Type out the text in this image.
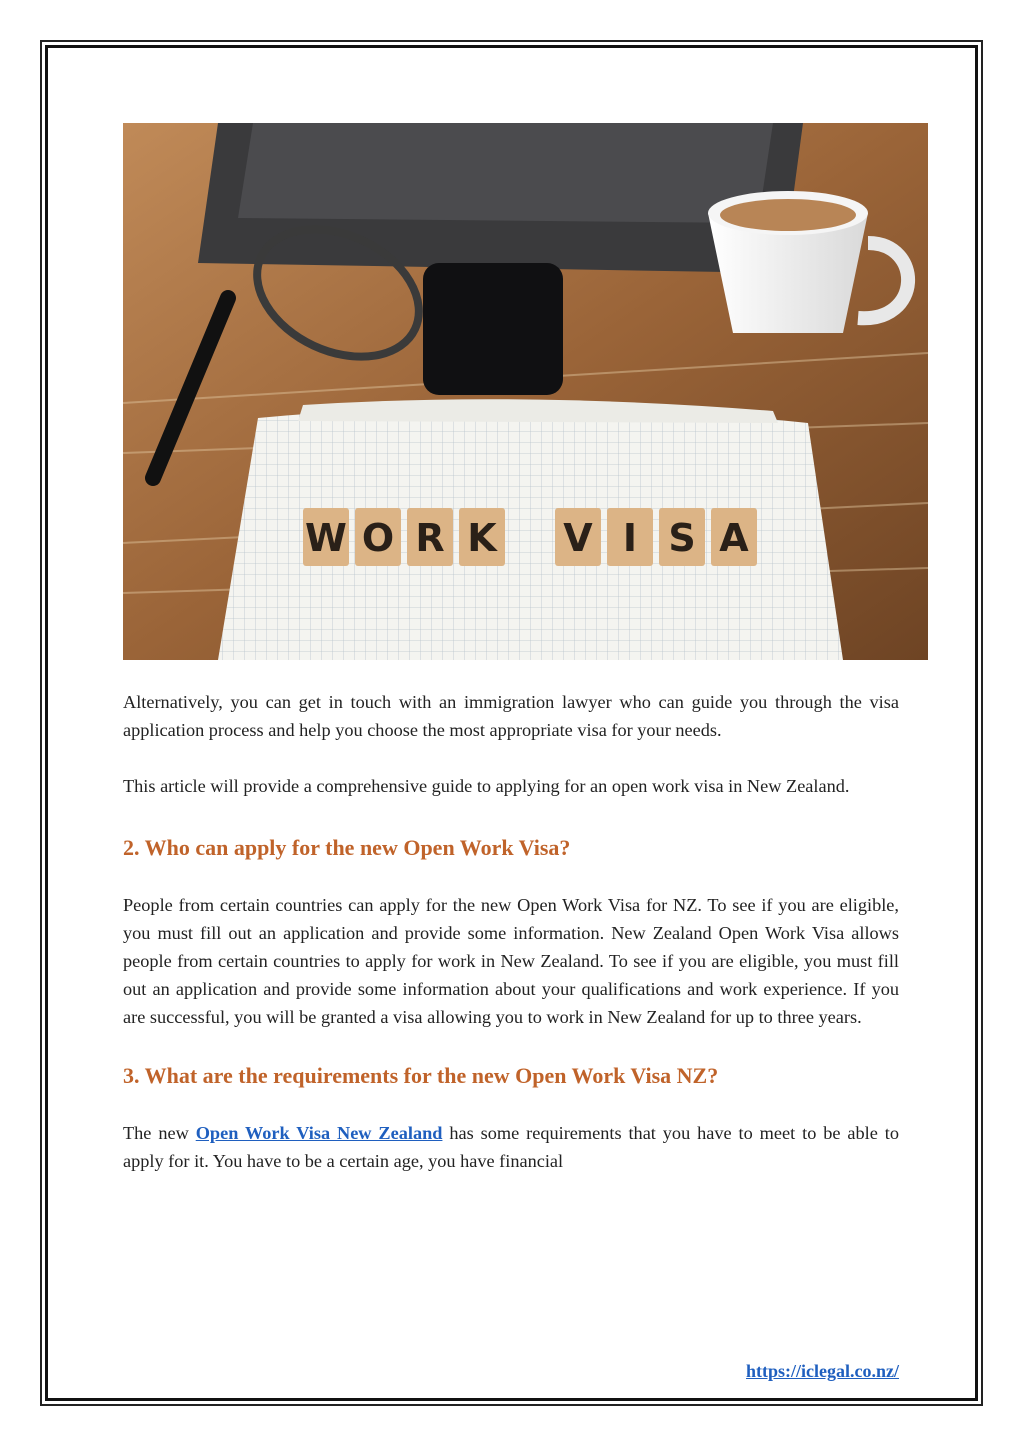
W O R K V I S A

Alternatively, you can get in touch with an immigration lawyer who can guide you through the visa application process and help you choose the most appropriate visa for your needs.

This article will provide a comprehensive guide to applying for an open work visa in New Zealand.

2. Who can apply for the new Open Work Visa?

People from certain countries can apply for the new Open Work Visa for NZ. To see if you are eligible, you must fill out an application and provide some information. New Zealand Open Work Visa allows people from certain countries to apply for work in New Zealand. To see if you are eligible, you must fill out an application and provide some information about your qualifications and work experience. If you are successful, you will be granted a visa allowing you to work in New Zealand for up to three years.

3. What are the requirements for the new Open Work Visa NZ?

The new Open Work Visa New Zealand has some requirements that you have to meet to be able to apply for it. You have to be a certain age, you have financial

https://iclegal.co.nz/
